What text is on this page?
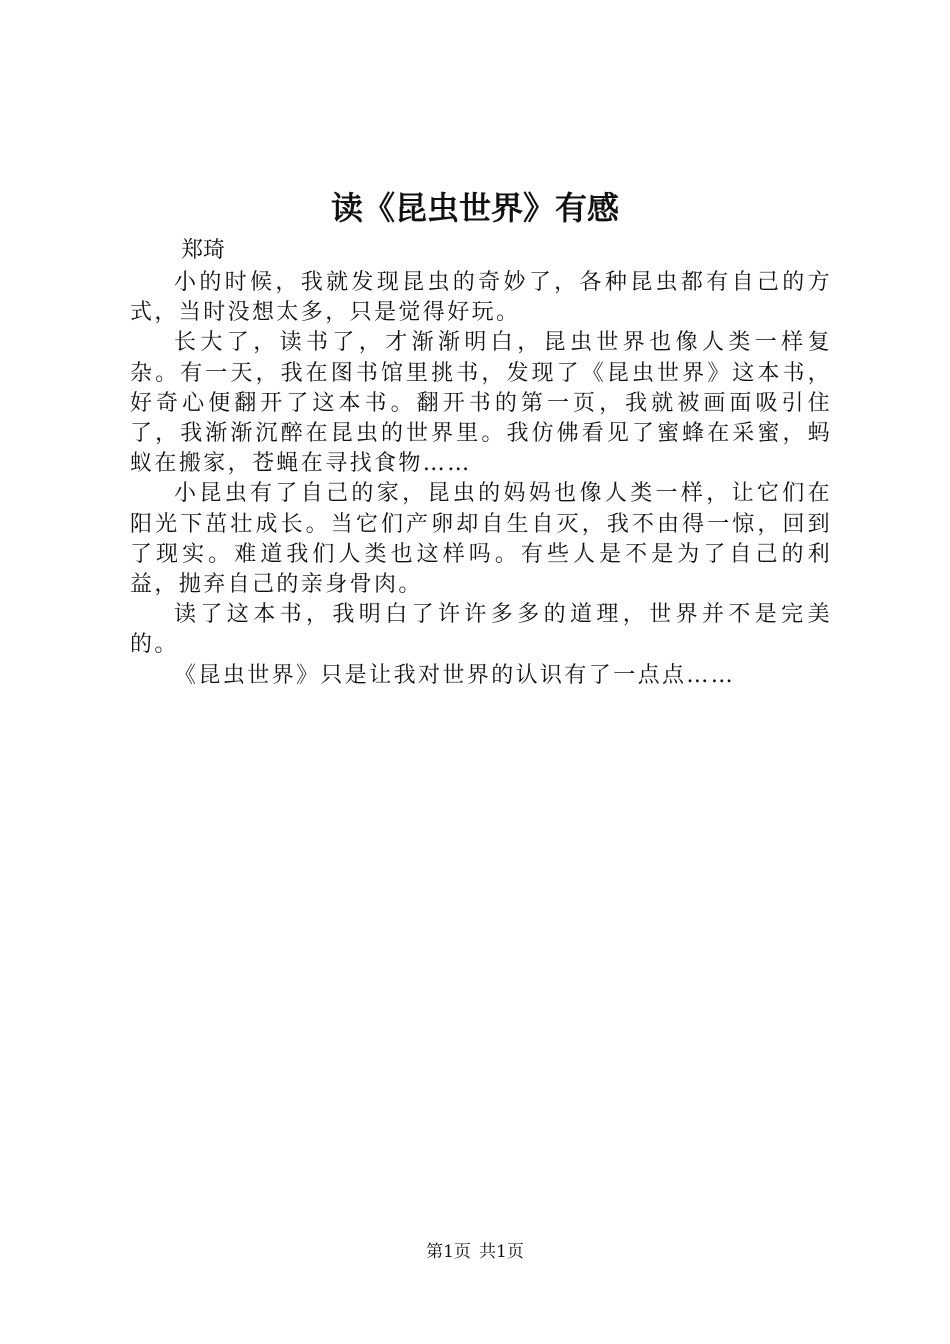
读《昆虫世界》有感

郑琦

小的时候，我就发现昆虫的奇妙了，各种昆虫都有自己的方式，当时没想太多，只是觉得好玩。

长大了，读书了，才渐渐明白，昆虫世界也像人类一样复杂。有一天，我在图书馆里挑书，发现了《昆虫世界》这本书，好奇心便翻开了这本书。翻开书的第一页，我就被画面吸引住了，我渐渐沉醉在昆虫的世界里。我仿佛看见了蜜蜂在采蜜，蚂蚁在搬家，苍蝇在寻找食物……

小昆虫有了自己的家，昆虫的妈妈也像人类一样，让它们在阳光下茁壮成长。当它们产卵却自生自灭，我不由得一惊，回到了现实。难道我们人类也这样吗。有些人是不是为了自己的利益，抛弃自己的亲身骨肉。

读了这本书，我明白了许许多多的道理，世界并不是完美的。

《昆虫世界》只是让我对世界的认识有了一点点……

第1页 共1页
